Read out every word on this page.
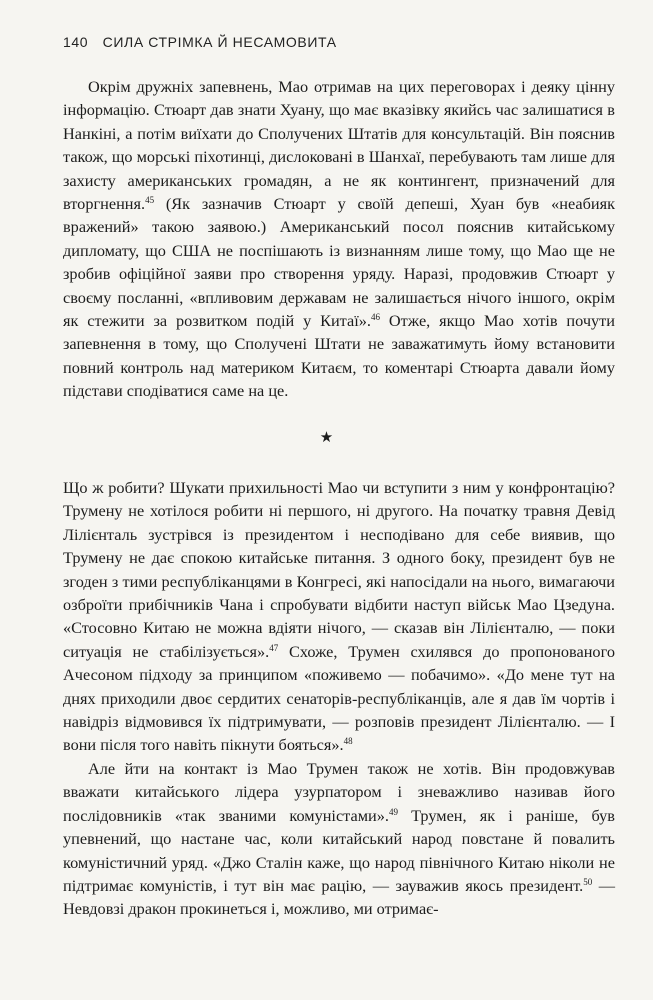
140 СИЛА СТРІМКА Й НЕСАМОВИТА

Окрім дружніх запевнень, Мао отримав на цих переговорах і деяку цінну інформацію. Стюарт дав знати Хуану, що має вказівку якийсь час залишатися в Нанкіні, а потім виїхати до Сполучених Штатів для консультацій. Він пояснив також, що морські піхотинці, дислоковані в Шанхаї, перебувають там лише для захисту американських громадян, а не як контингент, призначений для вторгнення.$^{45}$ (Як зазначив Стюарт у своїй депеші, Хуан був «неабияк вражений» такою заявою.) Американський посол пояснив китайському дипломату, що США не поспішають із визнанням лише тому, що Мао ще не зробив офіційної заяви про створення уряду. Наразі, продовжив Стюарт у своєму посланні, «впливовим державам не залишається нічого іншого, окрім як стежити за розвитком подій у Китаї».$^{46}$ Отже, якщо Мао хотів почути запевнення в тому, що Сполучені Штати не заважатимуть йому встановити повний контроль над материком Китаєм, то коментарі Стюарта давали йому підстави сподіватися саме на це.

★

Що ж робити? Шукати прихильності Мао чи вступити з ним у конфронтацію? Трумену не хотілося робити ні першого, ні другого. На початку травня Девід Лілієнталь зустрівся із президентом і несподівано для себе виявив, що Трумену не дає спокою китайське питання. З одного боку, президент був не згоден з тими республіканцями в Конгресі, які напосідали на нього, вимагаючи озброїти прибічників Чана і спробувати відбити наступ військ Мао Цзедуна. «Стосовно Китаю не можна вдіяти нічого, — сказав він Лілієнталю, — поки ситуація не стабілізується».$^{47}$ Схоже, Трумен схилявся до пропонованого Ачесоном підходу за принципом «поживемо — побачимо». «До мене тут на днях приходили двоє сердитих сенаторів-республіканців, але я дав їм чортів і навідріз відмовився їх підтримувати, — розповів президент Лілієнталю. — І вони після того навіть пікнути бояться».$^{48}$

Але йти на контакт із Мао Трумен також не хотів. Він продовжував вважати китайського лідера узурпатором і зневажливо називав його послідовників «так званими комуністами».$^{49}$ Трумен, як і раніше, був упевнений, що настане час, коли китайський народ повстане й повалить комуністичний уряд. «Джо Сталін каже, що народ північного Китаю ніколи не підтримає комуністів, і тут він має рацію, — зауважив якось президент.$^{50}$ — Невдовзі дракон прокинеться і, можливо, ми отримає-
